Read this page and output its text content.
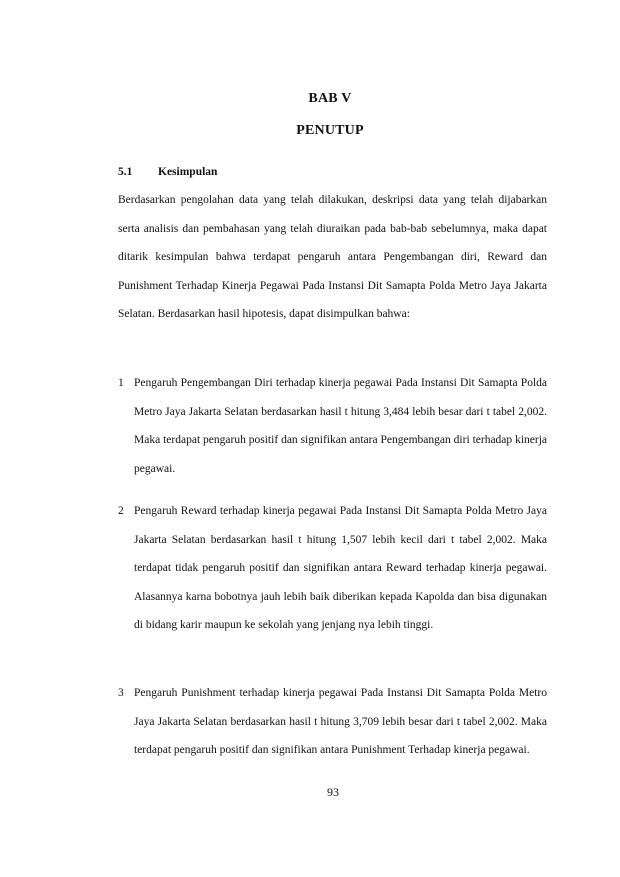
BAB V
PENUTUP
5.1 Kesimpulan
Berdasarkan pengolahan data yang telah dilakukan, deskripsi data yang telah dijabarkan serta analisis dan pembahasan yang telah diuraikan pada bab-bab sebelumnya, maka dapat ditarik kesimpulan bahwa terdapat pengaruh antara Pengembangan diri, Reward dan Punishment Terhadap Kinerja Pegawai Pada Instansi Dit Samapta Polda Metro Jaya Jakarta Selatan. Berdasarkan hasil hipotesis, dapat disimpulkan bahwa:
1 Pengaruh Pengembangan Diri terhadap kinerja pegawai Pada Instansi Dit Samapta Polda Metro Jaya Jakarta Selatan berdasarkan hasil t hitung 3,484 lebih besar dari t tabel 2,002. Maka terdapat pengaruh positif dan signifikan antara Pengembangan diri terhadap kinerja pegawai.
2 Pengaruh Reward terhadap kinerja pegawai Pada Instansi Dit Samapta Polda Metro Jaya Jakarta Selatan berdasarkan hasil t hitung 1,507 lebih kecil dari t tabel 2,002. Maka terdapat tidak pengaruh positif dan signifikan antara Reward terhadap kinerja pegawai. Alasannya karna bobotnya jauh lebih baik diberikan kepada Kapolda dan bisa digunakan di bidang karir maupun ke sekolah yang jenjang nya lebih tinggi.
3 Pengaruh Punishment terhadap kinerja pegawai Pada Instansi Dit Samapta Polda Metro Jaya Jakarta Selatan berdasarkan hasil t hitung 3,709 lebih besar dari t tabel 2,002. Maka terdapat pengaruh positif dan signifikan antara Punishment Terhadap kinerja pegawai.
93
